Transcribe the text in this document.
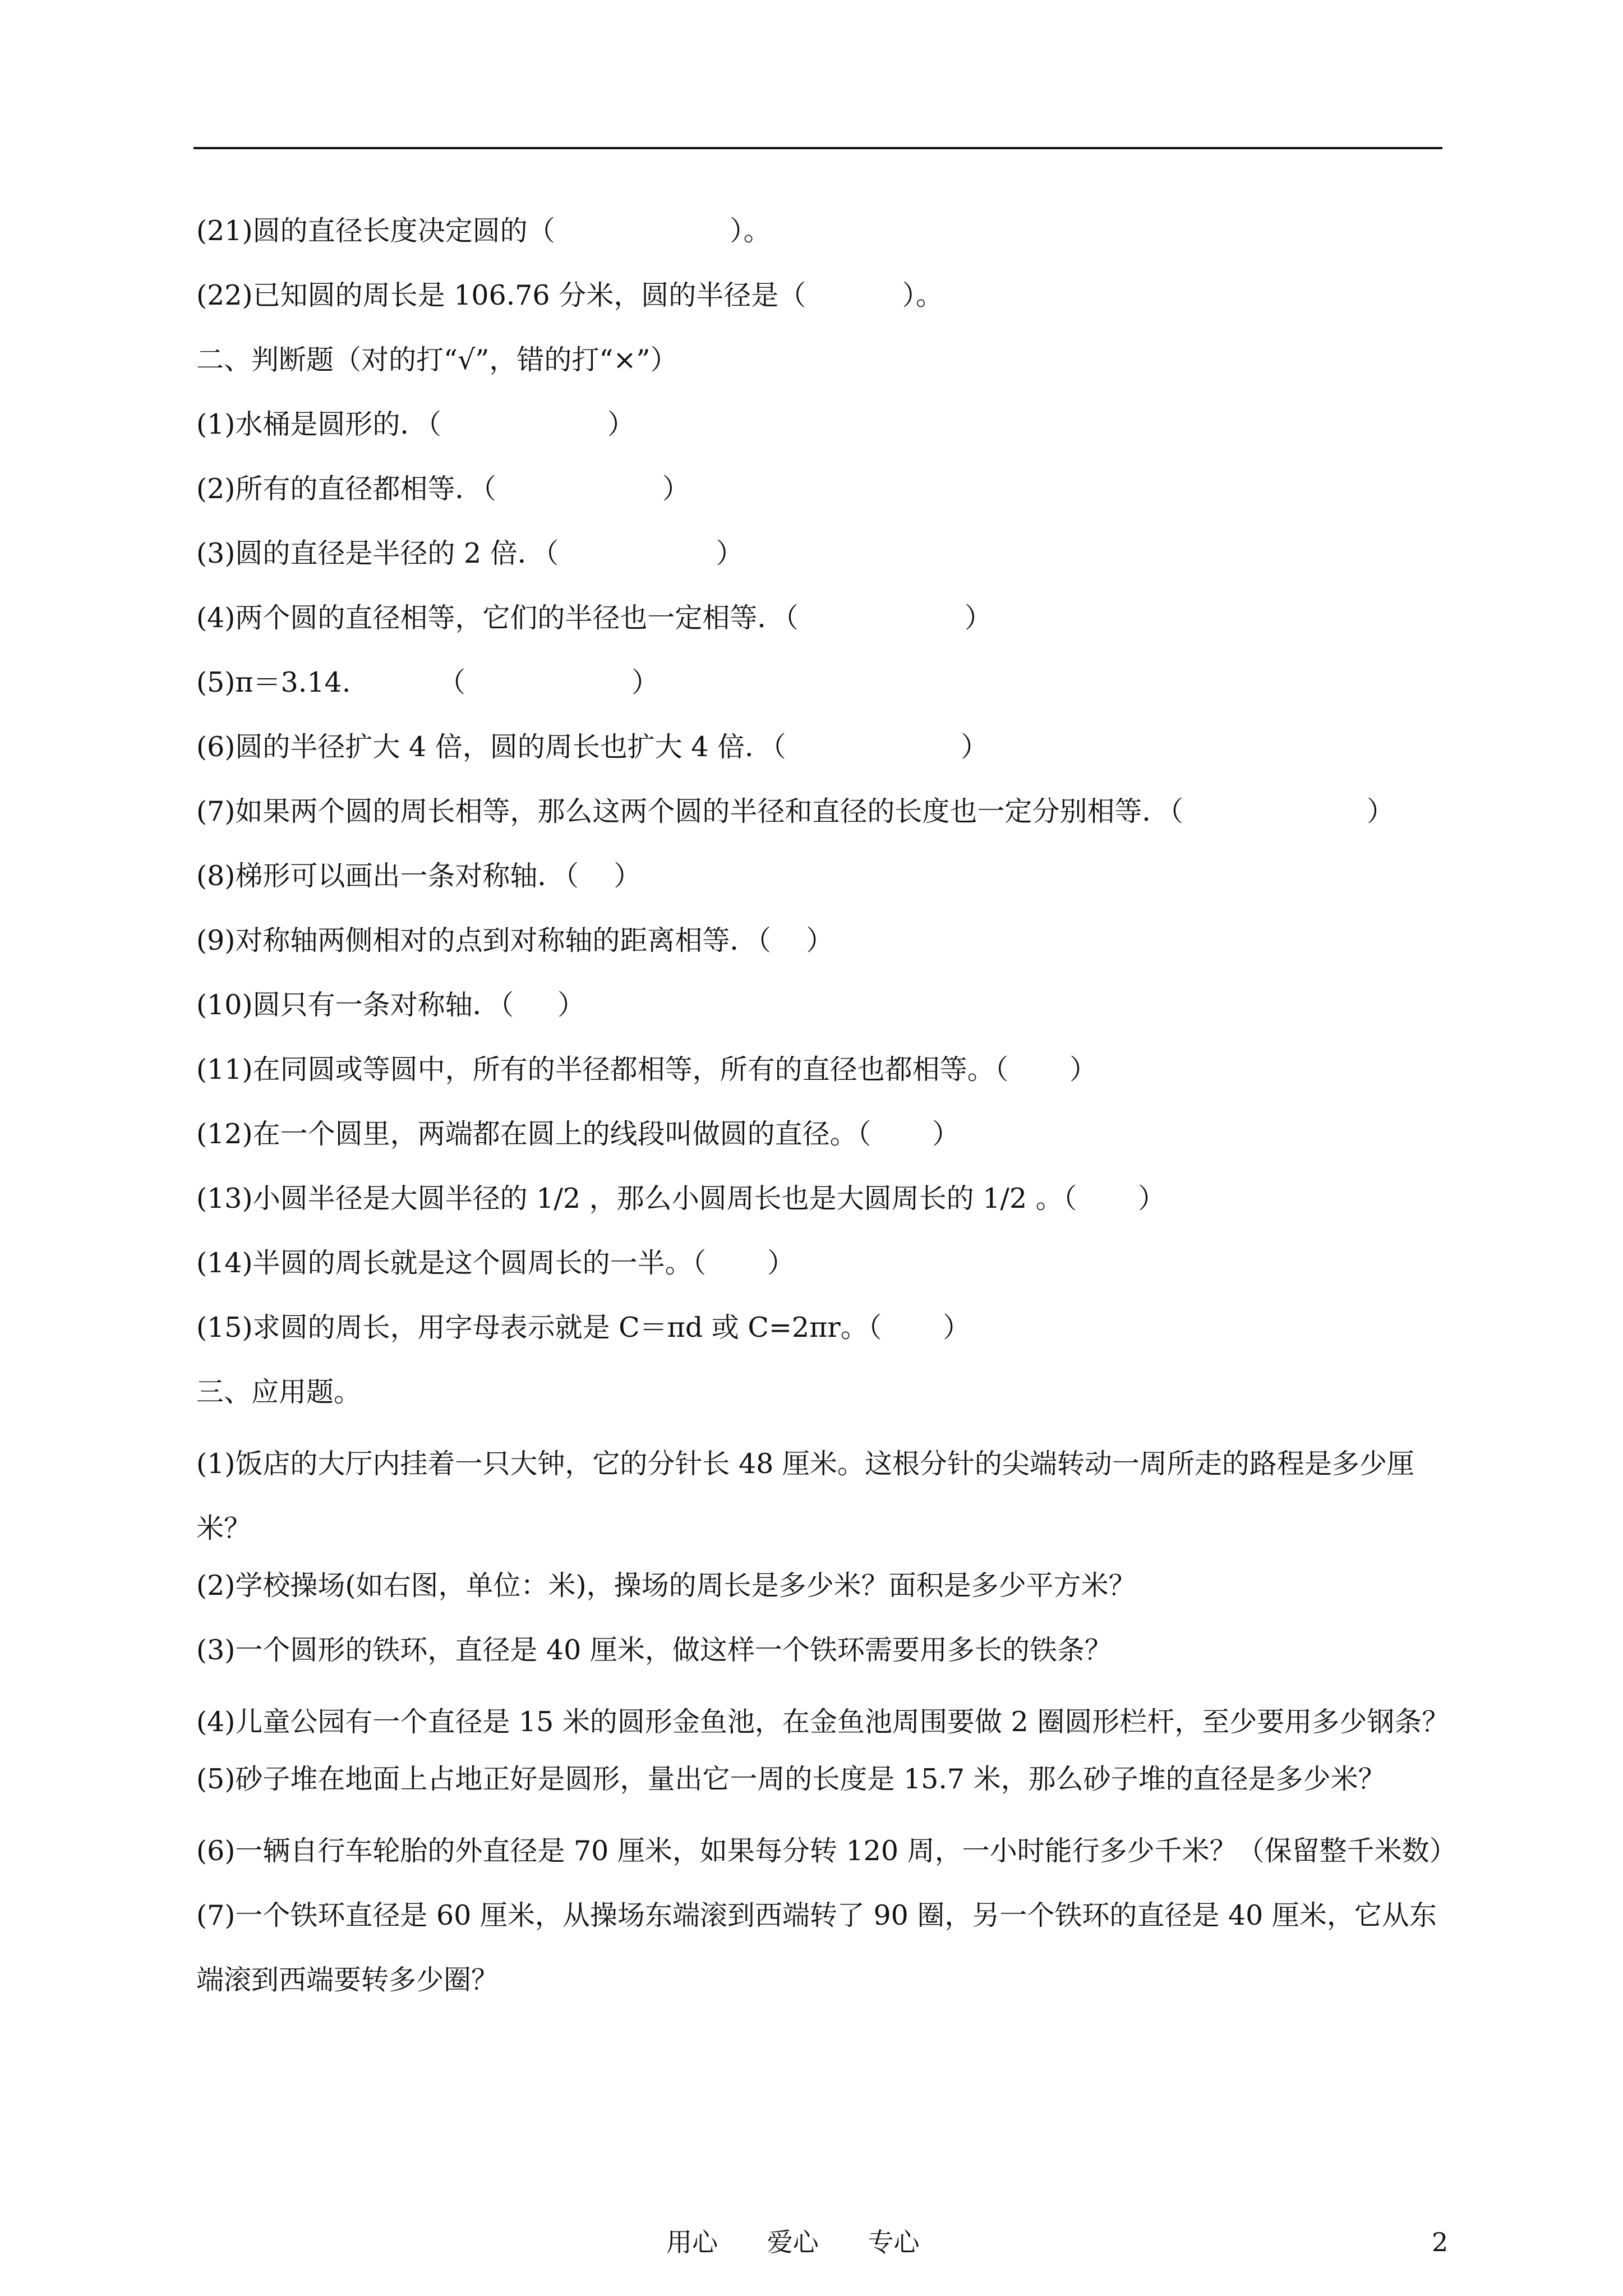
(21)圆的直径长度决定圆的（                    ）。
(22)已知圆的周长是 106.76 分米，圆的半径是（           ）。
二、判断题（对的打“√”，错的打“×”）
(1)水桶是圆形的．（                   ）
(2)所有的直径都相等．（                   ）
(3)圆的直径是半径的 2 倍．（                  ）
(4)两个圆的直径相等，它们的半径也一定相等．（                   ）
(5)π＝3.14.          （                   ）
(6)圆的半径扩大 4 倍，圆的周长也扩大 4 倍．（                    ）
(7)如果两个圆的周长相等，那么这两个圆的半径和直径的长度也一定分别相等．（                     ）
(8)梯形可以画出一条对称轴．（    ）
(9)对称轴两侧相对的点到对称轴的距离相等．（    ）
(10)圆只有一条对称轴．（     ）
(11)在同圆或等圆中，所有的半径都相等，所有的直径也都相等。（       ）
(12)在一个圆里，两端都在圆上的线段叫做圆的直径。（       ）
(13)小圆半径是大圆半径的 1/2 ，那么小圆周长也是大圆周长的 1/2 。（       ）
(14)半圆的周长就是这个圆周长的一半。（       ）
(15)求圆的周长，用字母表示就是 C＝πd 或 C=2πr。（       ）
三、应用题。
(1)饭店的大厅内挂着一只大钟，它的分针长 48 厘米。这根分针的尖端转动一周所走的路程是多少厘米？
(2)学校操场(如右图，单位：米)，操场的周长是多少米？面积是多少平方米？
(3)一个圆形的铁环，直径是 40 厘米，做这样一个铁环需要用多长的铁条？
(4)儿童公园有一个直径是 15 米的圆形金鱼池，在金鱼池周围要做 2 圈圆形栏杆，至少要用多少钢条？
(5)砂子堆在地面上占地正好是圆形，量出它一周的长度是 15.7 米，那么砂子堆的直径是多少米？
(6)一辆自行车轮胎的外直径是 70 厘米，如果每分转 120 周，一小时能行多少千米？（保留整千米数）
(7)一个铁环直径是 60 厘米，从操场东端滚到西端转了 90 圈，另一个铁环的直径是 40 厘米，它从东端滚到西端要转多少圈？
用心      爱心      专心	2
